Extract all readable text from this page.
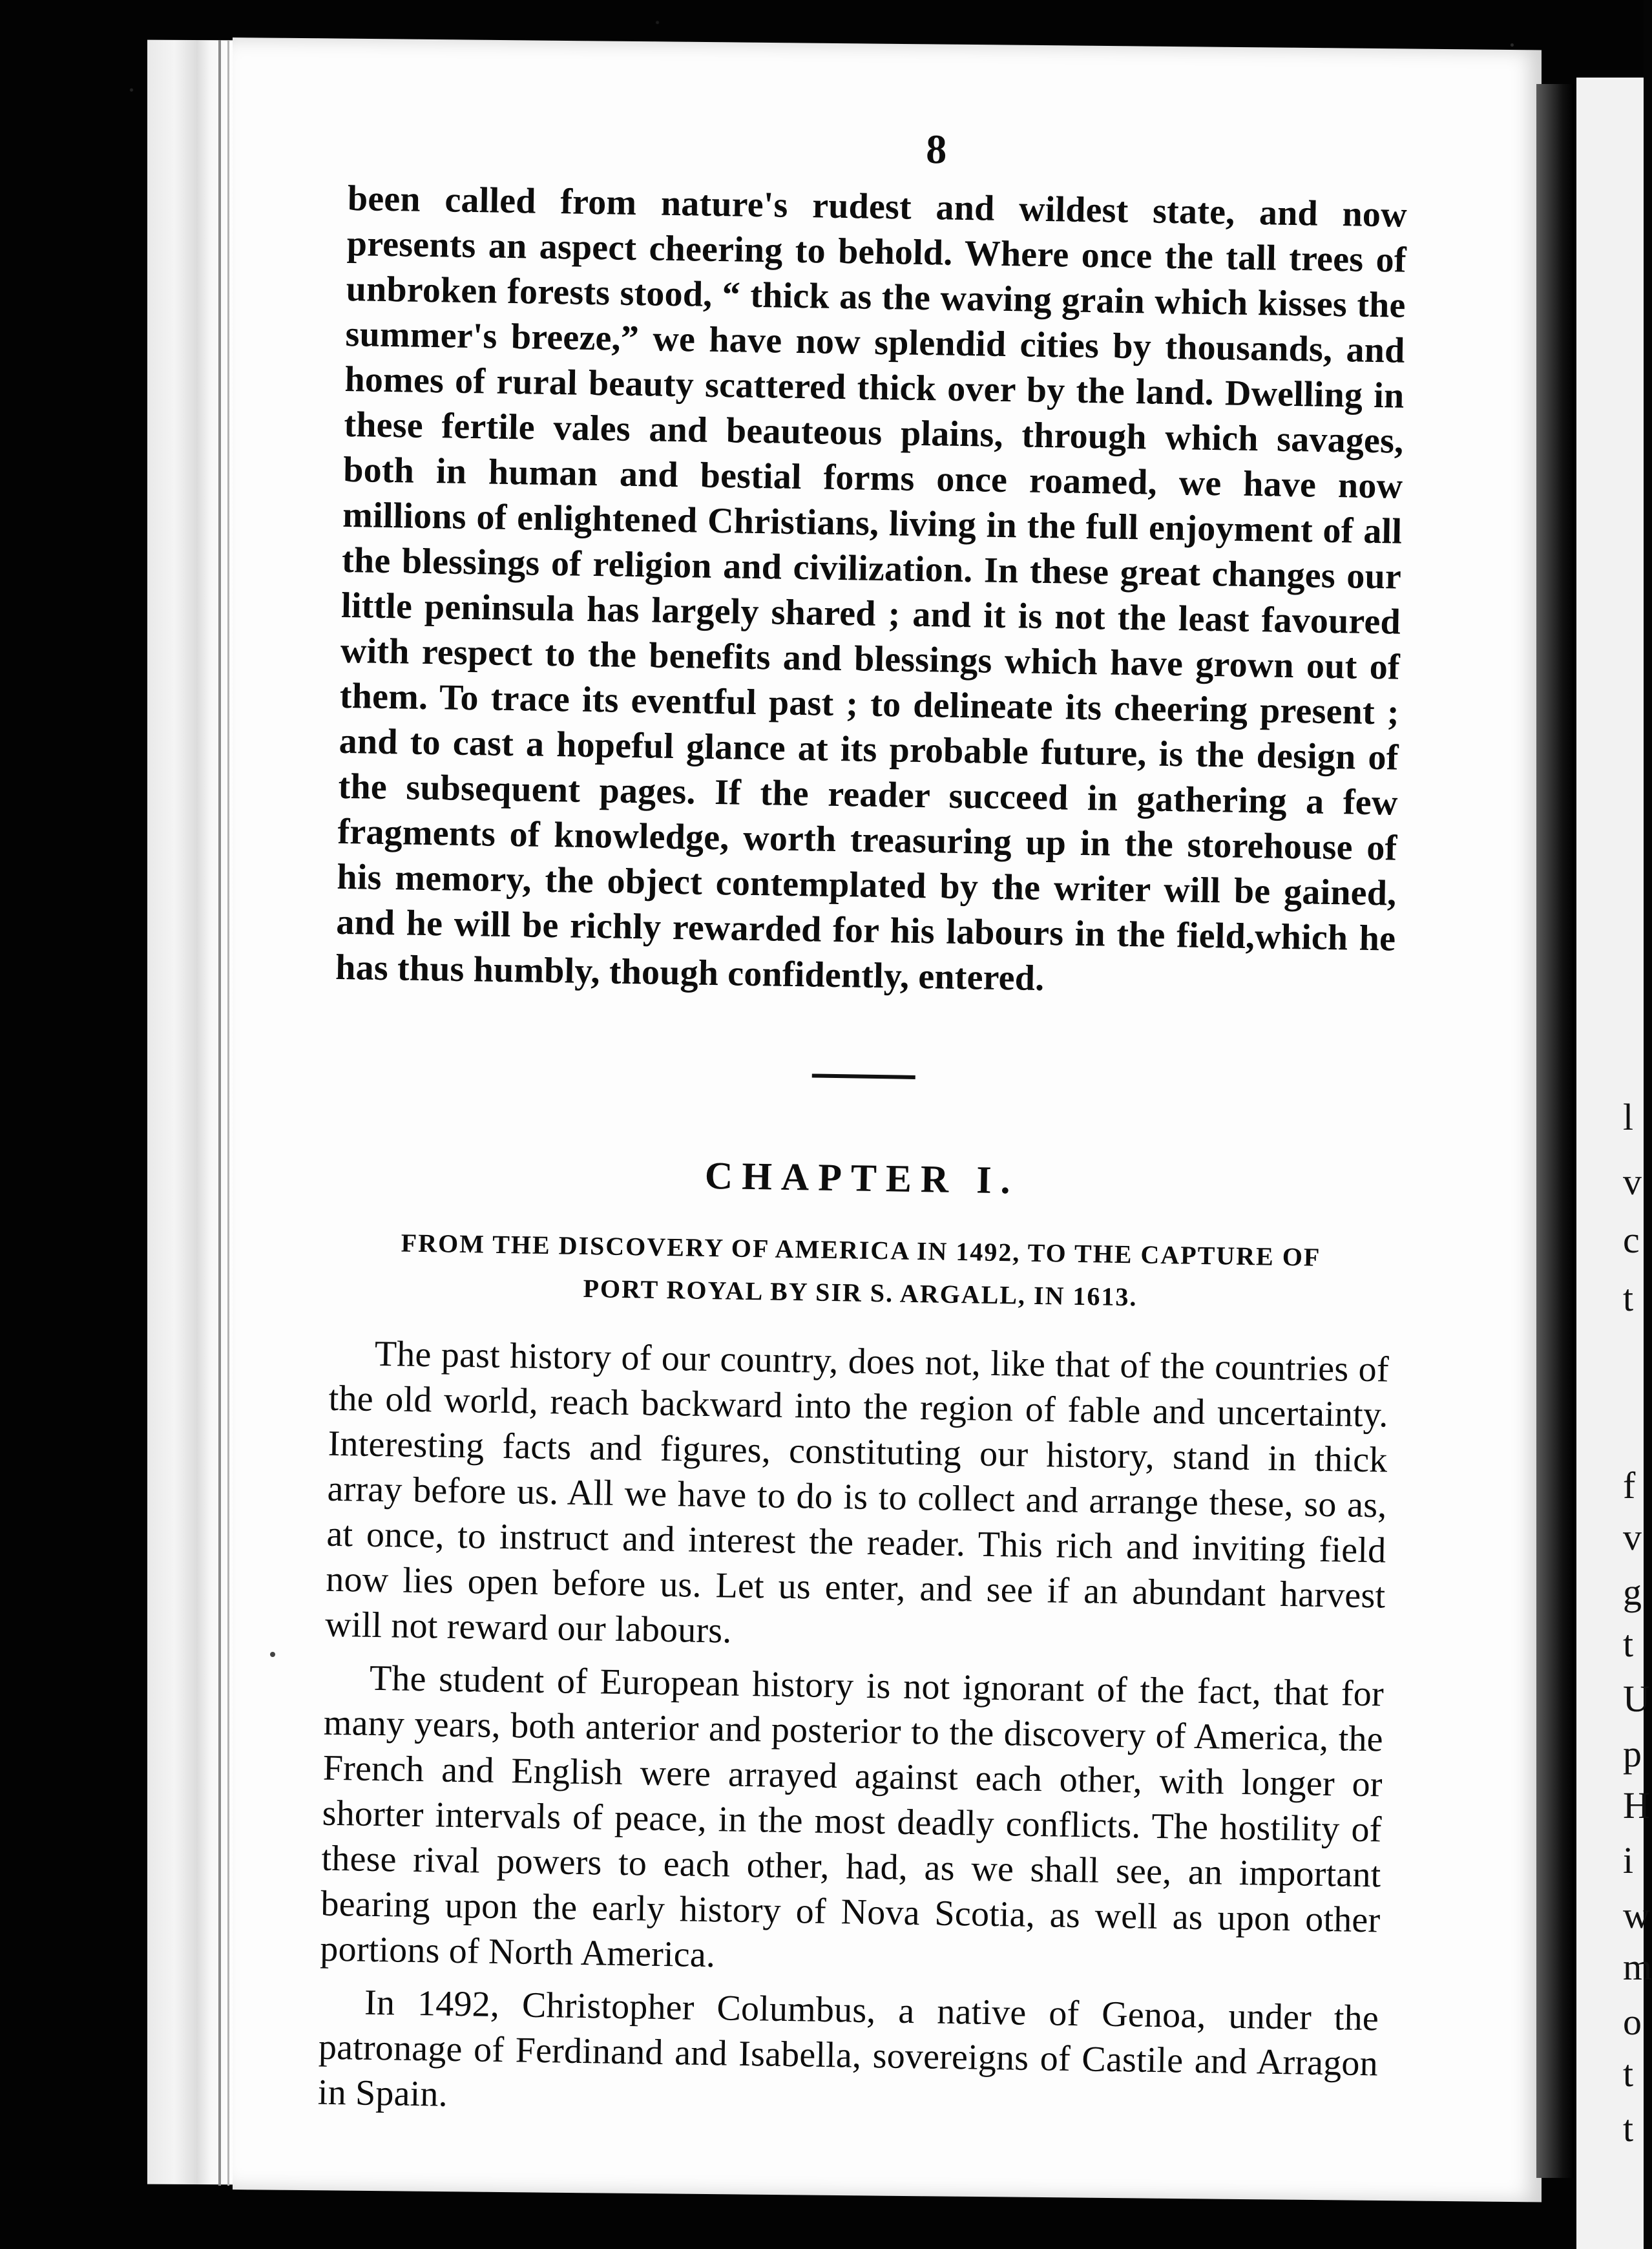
l
v
c
t
f
v
g
t
U
p
H
i
w
m
o
t
t
8

been called from nature's rudest and wildest state, and now presents an aspect cheering to behold. Where once the tall trees of unbroken forests stood, “ thick as the waving grain which kisses the summer's breeze,” we have now splendid cities by thousands, and homes of rural beauty scattered thick over by the land. Dwelling in these fertile vales and beauteous plains, through which savages, both in human and bestial forms once roamed, we have now millions of enlightened Christians, living in the full enjoyment of all the blessings of religion and civilization. In these great changes our little peninsula has largely shared ; and it is not the least favoured with respect to the benefits and blessings which have grown out of them. To trace its eventful past ; to delineate its cheering present ; and to cast a hopeful glance at its probable future, is the design of the subsequent pages. If the reader succeed in gathering a few fragments of knowledge, worth treasuring up in the storehouse of his memory, the object contemplated by the writer will be gained, and he will be richly rewarded for his labours in the field,which he has thus humbly, though confidently, entered.

CHAPTER I.
FROM THE DISCOVERY OF AMERICA IN 1492, TO THE CAPTURE OF
PORT ROYAL BY SIR S. ARGALL, IN 1613.

The past history of our country, does not, like that of the countries of the old world, reach backward into the region of fable and uncertainty. Interesting facts and figures, constituting our history, stand in thick array before us. All we have to do is to collect and arrange these, so as, at once, to instruct and interest the reader. This rich and inviting field now lies open before us. Let us enter, and see if an abundant harvest will not reward our labours.

The student of European history is not ignorant of the fact, that for many years, both anterior and posterior to the discovery of America, the French and English were arrayed against each other, with longer or shorter intervals of peace, in the most deadly conflicts. The hostility of these rival powers to each other, had, as we shall see, an important bearing upon the early history of Nova Scotia, as well as upon other portions of North America.

In 1492, Christopher Columbus, a native of Genoa, under the patronage of Ferdinand and Isabella, sovereigns of Castile and Arragon in Spain.
